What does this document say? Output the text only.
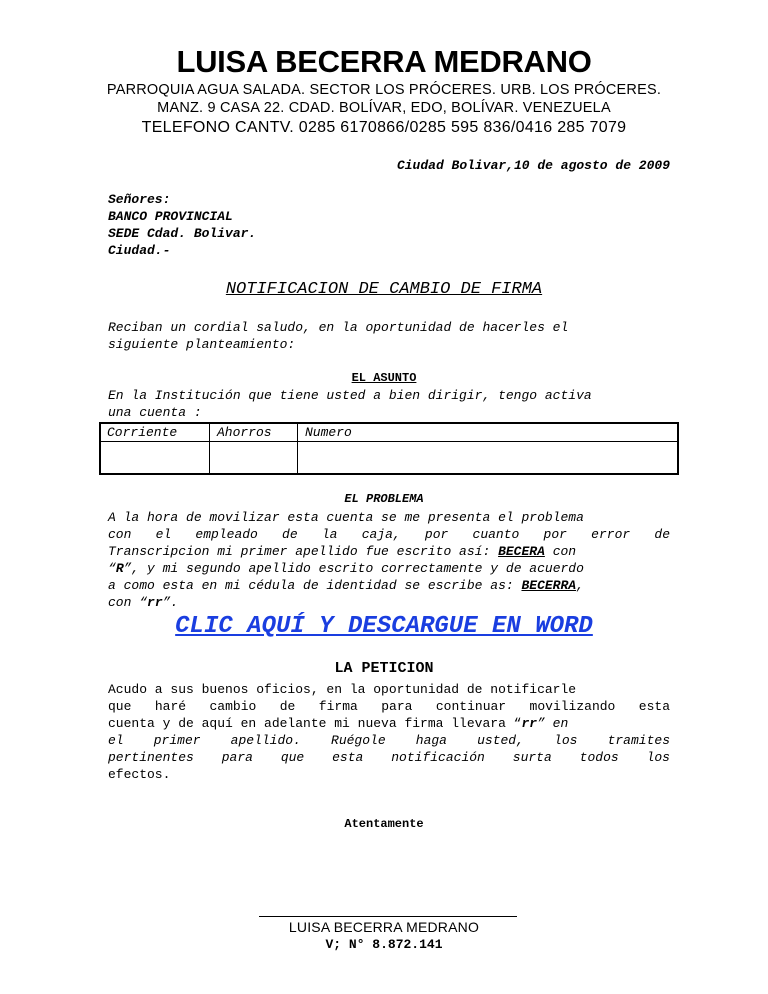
LUISA BECERRA MEDRANO
PARROQUIA AGUA SALADA. SECTOR LOS PRÓCERES. URB. LOS PRÓCERES.
MANZ. 9 CASA 22. CDAD. BOLÍVAR, EDO, BOLÍVAR. VENEZUELA
TELEFONO CANTV. 0285 6170866/0285 595 836/0416 285 7079
Ciudad Bolivar,10 de agosto de 2009
Señores:
BANCO PROVINCIAL
SEDE Cdad. Bolivar.
Ciudad.-
NOTIFICACION DE CAMBIO DE FIRMA
Reciban un cordial saludo, en la oportunidad de hacerles el
siguiente planteamiento:
EL ASUNTO
En la Institución que tiene usted a bien dirigir, tengo activa
una cuenta :
Corriente	Ahorros	Numero
EL PROBLEMA
A la hora de movilizar esta cuenta se me presenta el problema
con el empleado de la caja, por cuanto por error de
Transcripcion mi primer apellido fue escrito así: BECERA con
“R”, y mi segundo apellido escrito correctamente y de acuerdo
a como esta en mi cédula de identidad se escribe as: BECERRA,
con “rr”.
CLIC AQUÍ Y DESCARGUE EN WORD
LA PETICION
Acudo a sus buenos oficios, en la oportunidad de notificarle
que haré cambio de firma para continuar movilizando esta
cuenta y de aquí en adelante mi nueva firma llevara “rr” en
el primer apellido. Ruégole haga usted, los tramites
pertinentes para que esta notificación surta todos los
efectos.
Atentamente
LUISA BECERRA MEDRANO
V; N° 8.872.141
